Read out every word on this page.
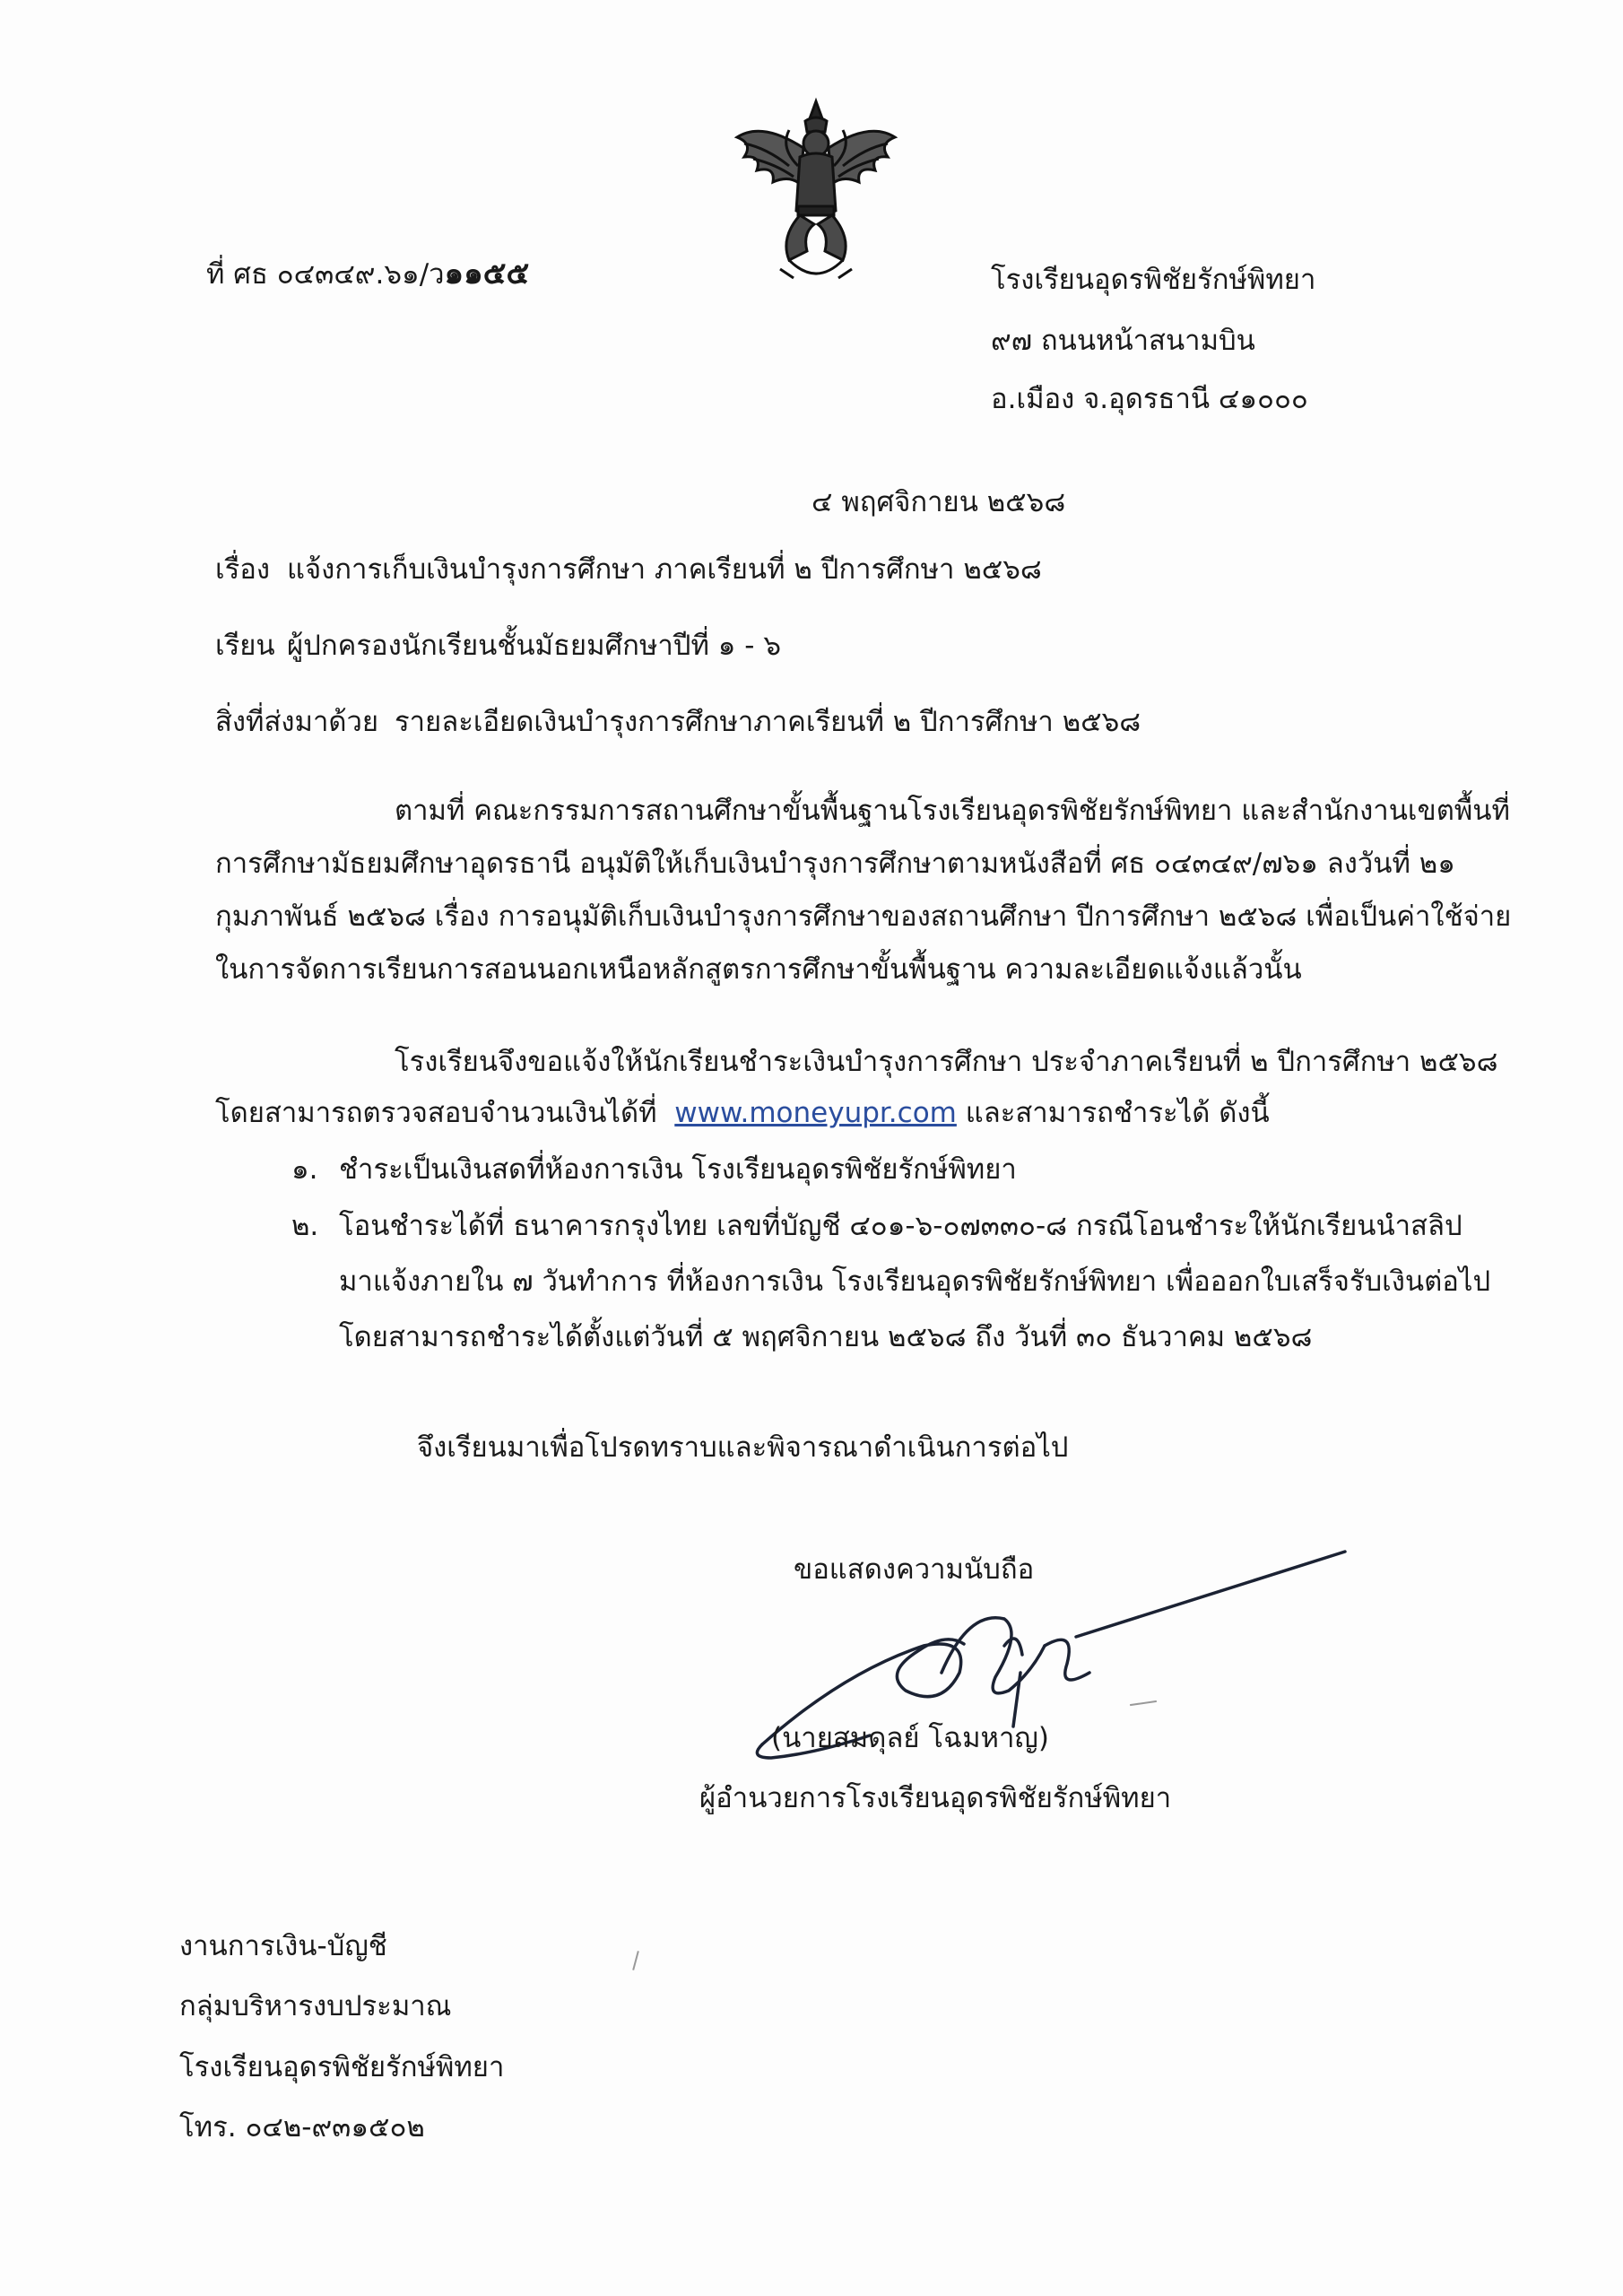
ที่ ศธ ๐๔๓๔๙.๖๑/ว๑๑๕๕	โรงเรียนอุดรพิชัยรักษ์พิทยา
๙๗ ถนนหน้าสนามบิน
อ.เมือง จ.อุดรธานี ๔๑๐๐๐
๔ พฤศจิกายน ๒๕๖๘
เรื่อง แจ้งการเก็บเงินบำรุงการศึกษา ภาคเรียนที่ ๒ ปีการศึกษา ๒๕๖๘
เรียน ผู้ปกครองนักเรียนชั้นมัธยมศึกษาปีที่ ๑ - ๖
สิ่งที่ส่งมาด้วย รายละเอียดเงินบำรุงการศึกษาภาคเรียนที่ ๒ ปีการศึกษา ๒๕๖๘
ตามที่ คณะกรรมการสถานศึกษาขั้นพื้นฐานโรงเรียนอุดรพิชัยรักษ์พิทยา และสำนักงานเขตพื้นที่
การศึกษามัธยมศึกษาอุดรธานี อนุมัติให้เก็บเงินบำรุงการศึกษาตามหนังสือที่ ศธ ๐๔๓๔๙/๗๖๑ ลงวันที่ ๒๑
กุมภาพันธ์ ๒๕๖๘ เรื่อง การอนุมัติเก็บเงินบำรุงการศึกษาของสถานศึกษา ปีการศึกษา ๒๕๖๘ เพื่อเป็นค่าใช้จ่าย
ในการจัดการเรียนการสอนนอกเหนือหลักสูตรการศึกษาขั้นพื้นฐาน ความละเอียดแจ้งแล้วนั้น
โรงเรียนจึงขอแจ้งให้นักเรียนชำระเงินบำรุงการศึกษา ประจำภาคเรียนที่ ๒ ปีการศึกษา ๒๕๖๘
โดยสามารถตรวจสอบจำนวนเงินได้ที่ www.moneyupr.com และสามารถชำระได้ ดังนี้
๑. ชำระเป็นเงินสดที่ห้องการเงิน โรงเรียนอุดรพิชัยรักษ์พิทยา
๒. โอนชำระได้ที่ ธนาคารกรุงไทย เลขที่บัญชี ๔๐๑-๖-๐๗๓๓๐-๘ กรณีโอนชำระให้นักเรียนนำสลิป
มาแจ้งภายใน ๗ วันทำการ ที่ห้องการเงิน โรงเรียนอุดรพิชัยรักษ์พิทยา เพื่อออกใบเสร็จรับเงินต่อไป
โดยสามารถชำระได้ตั้งแต่วันที่ ๕ พฤศจิกายน ๒๕๖๘ ถึง วันที่ ๓๐ ธันวาคม ๒๕๖๘
จึงเรียนมาเพื่อโปรดทราบและพิจารณาดำเนินการต่อไป
ขอแสดงความนับถือ
(นายสมดุลย์ โฉมหาญ)
ผู้อำนวยการโรงเรียนอุดรพิชัยรักษ์พิทยา
งานการเงิน-บัญชี
กลุ่มบริหารงบประมาณ
โรงเรียนอุดรพิชัยรักษ์พิทยา
โทร. ๐๔๒-๙๓๑๕๐๒
